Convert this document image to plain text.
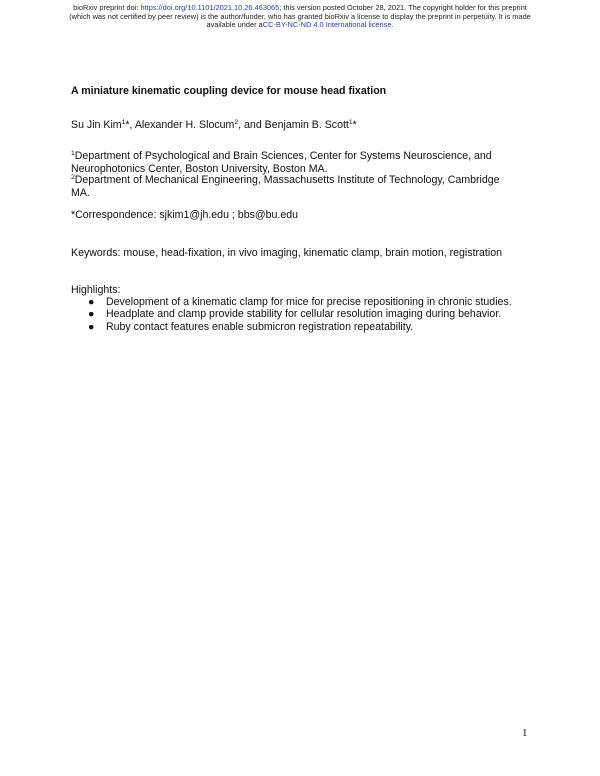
bioRxiv preprint doi: https://doi.org/10.1101/2021.10.26.463065; this version posted October 28, 2021. The copyright holder for this preprint
(which was not certified by peer review) is the author/funder, who has granted bioRxiv a license to display the preprint in perpetuity. It is made
available under aCC-BY-NC-ND 4.0 International license.
A miniature kinematic coupling device for mouse head fixation
Su Jin Kim$^1$*, Alexander H. Slocum$^2$, and Benjamin B. Scott$^1$*
$^1$Department of Psychological and Brain Sciences, Center for Systems Neuroscience, and
Neurophotonics Center, Boston University, Boston MA.
$^2$Department of Mechanical Engineering, Massachusetts Institute of Technology, Cambridge
MA.
*Correspondence: sjkim1@jh.edu ; bbs@bu.edu
Keywords: mouse, head-fixation, in vivo imaging, kinematic clamp, brain motion, registration
Highlights:
● Development of a kinematic clamp for mice for precise repositioning in chronic studies.
● Headplate and clamp provide stability for cellular resolution imaging during behavior.
● Ruby contact features enable submicron registration repeatability.
1
